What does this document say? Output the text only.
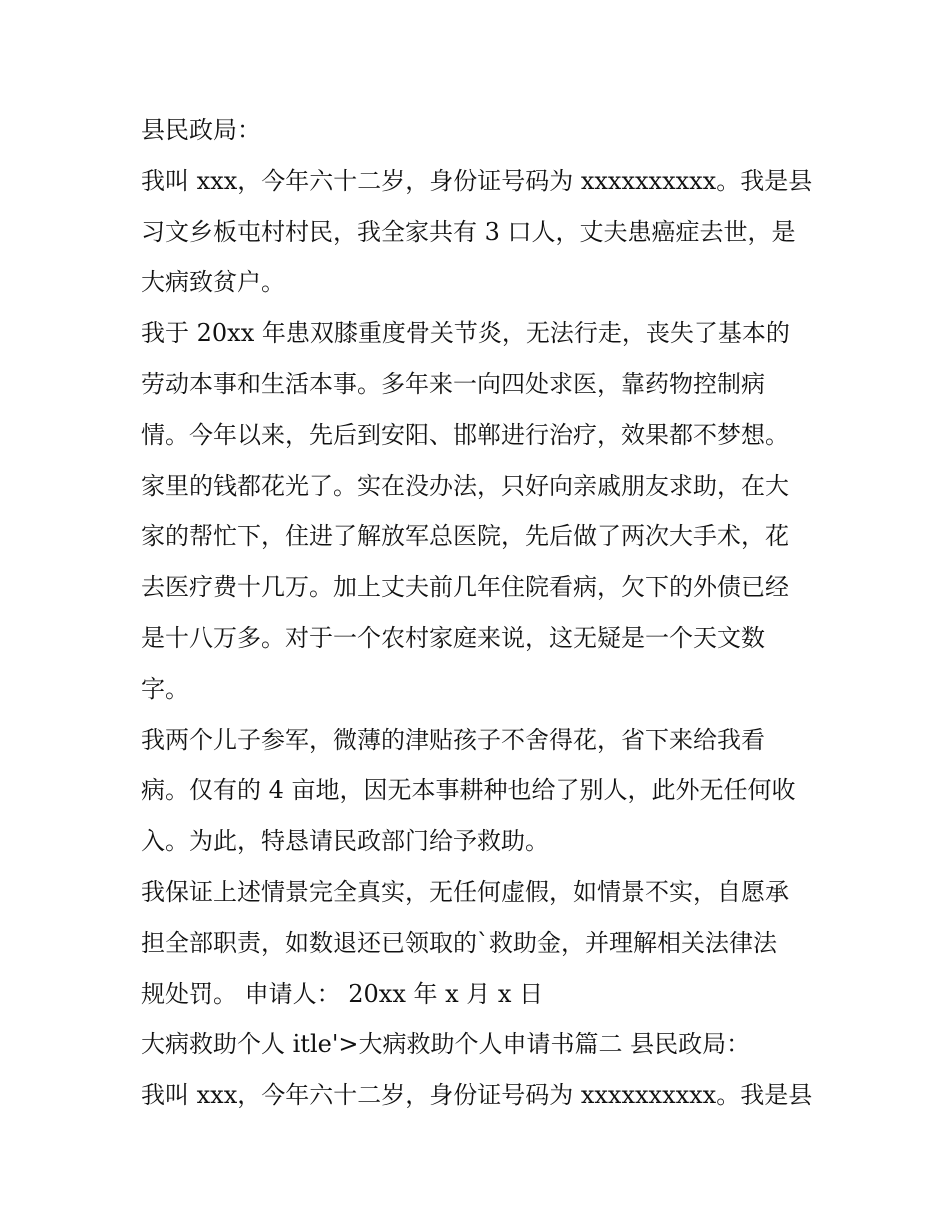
县民政局：
我叫 xxx，今年六十二岁，身份证号码为 xxxxxxxxxx。我是县
习文乡板屯村村民，我全家共有 3 口人，丈夫患癌症去世，是
大病致贫户。
我于 20xx 年患双膝重度骨关节炎，无法行走，丧失了基本的
劳动本事和生活本事。多年来一向四处求医，靠药物控制病
情。今年以来，先后到安阳、邯郸进行治疗，效果都不梦想。
家里的钱都花光了。实在没办法，只好向亲戚朋友求助，在大
家的帮忙下，住进了解放军总医院，先后做了两次大手术，花
去医疗费十几万。加上丈夫前几年住院看病，欠下的外债已经
是十八万多。对于一个农村家庭来说，这无疑是一个天文数
字。
我两个儿子参军，微薄的津贴孩子不舍得花，省下来给我看
病。仅有的 4 亩地，因无本事耕种也给了别人，此外无任何收
入。为此，特恳请民政部门给予救助。
我保证上述情景完全真实，无任何虚假，如情景不实，自愿承
担全部职责，如数退还已领取的`救助金，并理解相关法律法
规处罚。 申请人： 20xx 年 x 月 x 日
大病救助个人 itle'>大病救助个人申请书篇二 县民政局：
我叫 xxx，今年六十二岁，身份证号码为 xxxxxxxxxx。我是县
